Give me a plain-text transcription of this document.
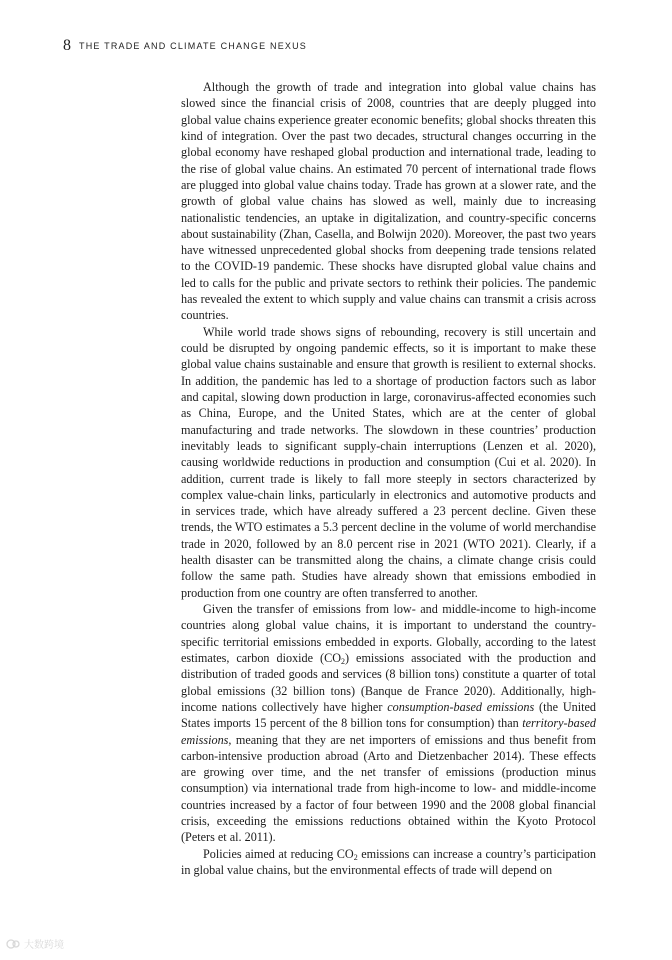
8 THE TRADE AND CLIMATE CHANGE NEXUS

Although the growth of trade and integration into global value chains has slowed since the financial crisis of 2008, countries that are deeply plugged into global value chains experience greater economic benefits; global shocks threaten this kind of integration. Over the past two decades, structural changes occurring in the global economy have reshaped global production and international trade, leading to the rise of global value chains. An estimated 70 percent of international trade flows are plugged into global value chains today. Trade has grown at a slower rate, and the growth of global value chains has slowed as well, mainly due to increasing nationalistic tendencies, an uptake in digitalization, and country-specific concerns about sustainability (Zhan, Casella, and Bolwijn 2020). Moreover, the past two years have witnessed unprecedented global shocks from deepening trade tensions related to the COVID-19 pandemic. These shocks have disrupted global value chains and led to calls for the public and private sectors to rethink their policies. The pandemic has revealed the extent to which supply and value chains can transmit a crisis across countries.

While world trade shows signs of rebounding, recovery is still uncertain and could be disrupted by ongoing pandemic effects, so it is important to make these global value chains sustainable and ensure that growth is resilient to external shocks. In addition, the pandemic has led to a shortage of production factors such as labor and capital, slowing down production in large, coronavirus-affected economies such as China, Europe, and the United States, which are at the center of global manufacturing and trade networks. The slowdown in these countries’ production inevitably leads to significant supply-chain interruptions (Lenzen et al. 2020), causing worldwide reductions in production and consumption (Cui et al. 2020). In addition, current trade is likely to fall more steeply in sectors characterized by complex value-chain links, particularly in electronics and automotive products and in services trade, which have already suffered a 23 percent decline. Given these trends, the WTO estimates a 5.3 percent decline in the volume of world merchandise trade in 2020, followed by an 8.0 percent rise in 2021 (WTO 2021). Clearly, if a health disaster can be transmitted along the chains, a climate change crisis could follow the same path. Studies have already shown that emissions embodied in production from one country are often transferred to another.

Given the transfer of emissions from low- and middle-income to high-income countries along global value chains, it is important to understand the country-specific territorial emissions embedded in exports. Globally, according to the latest estimates, carbon dioxide $(CO_2)$ emissions associated with the production and distribution of traded goods and services (8 billion tons) constitute a quarter of total global emissions (32 billion tons) (Banque de France 2020). Additionally, high-income nations collectively have higher consumption-based emissions (the United States imports 15 percent of the 8 billion tons for consumption) than territory-based emissions, meaning that they are net importers of emissions and thus benefit from carbon-intensive production abroad (Arto and Dietzenbacher 2014). These effects are growing over time, and the net transfer of emissions (production minus consumption) via international trade from high-income to low- and middle-income countries increased by a factor of four between 1990 and the 2008 global financial crisis, exceeding the emissions reductions obtained within the Kyoto Protocol (Peters et al. 2011).

Policies aimed at reducing $CO_2$ emissions can increase a country’s participation in global value chains, but the environmental effects of trade will depend on

大数跨境
